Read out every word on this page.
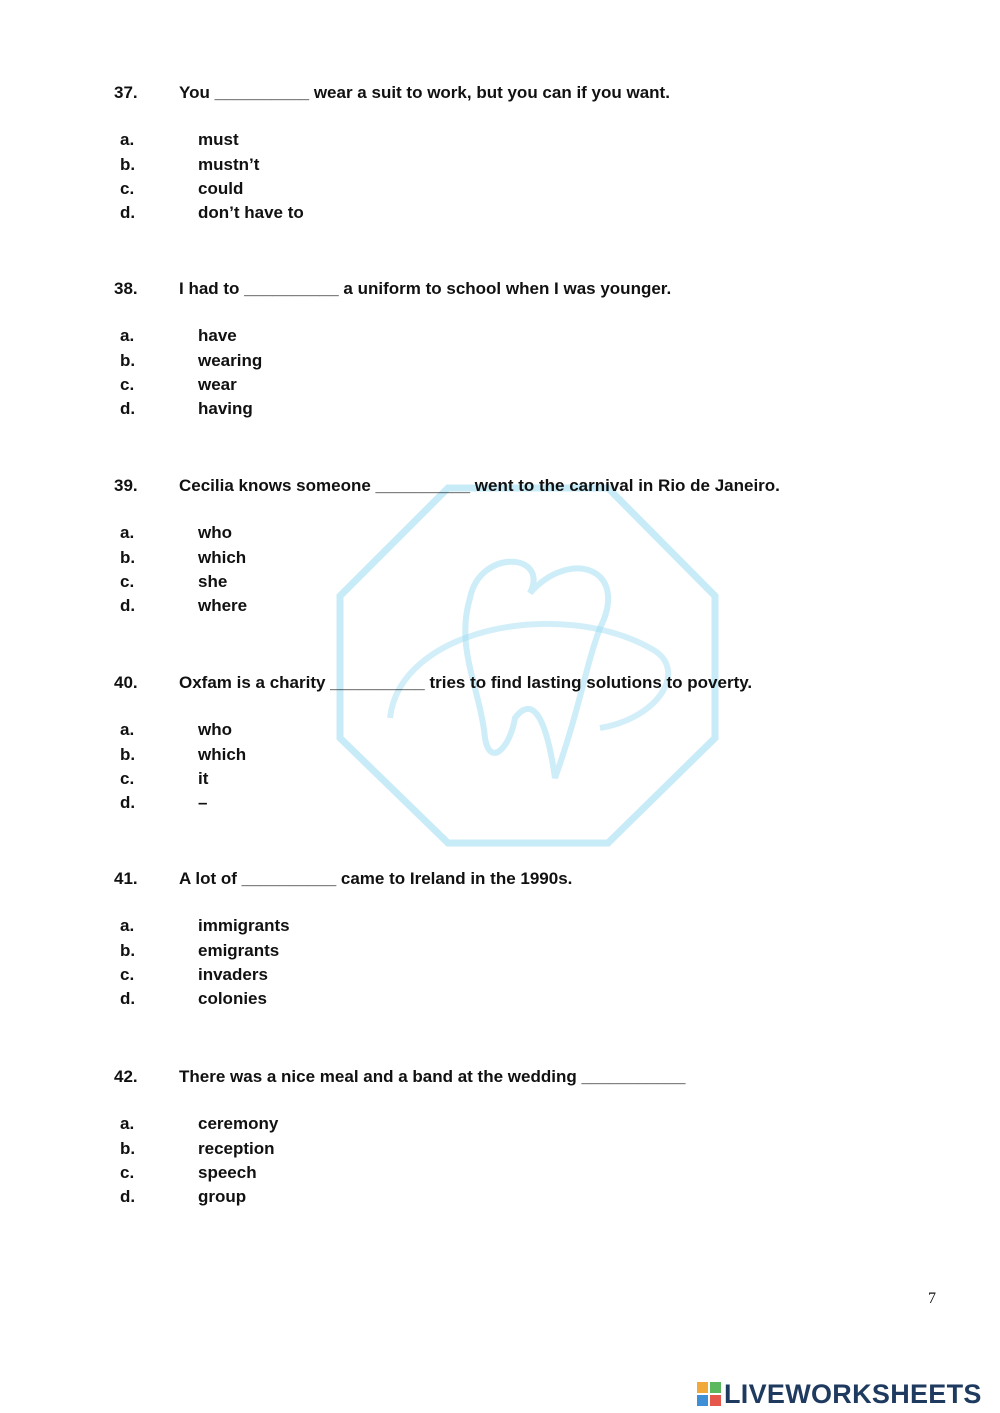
37. You __________ wear a suit to work, but you can if you want.
a.	must
b.	mustn’t
c.	could
d.	don’t have to
38. I had to __________ a uniform to school when I was younger.
a.	have
b.	wearing
c.	wear
d.	having
39. Cecilia knows someone __________ went to the carnival in Rio de Janeiro.
a.	who
b.	which
c.	she
d.	where
40. Oxfam is a charity __________ tries to find lasting solutions to poverty.
a.	who
b.	which
c.	it
d.	–
41. A lot of __________ came to Ireland in the 1990s.
a.	immigrants
b.	emigrants
c.	invaders
d.	colonies
42. There was a nice meal and a band at the wedding ___________
a.	ceremony
b.	reception
c.	speech
d.	group
7
LIVEWORKSHEETS
